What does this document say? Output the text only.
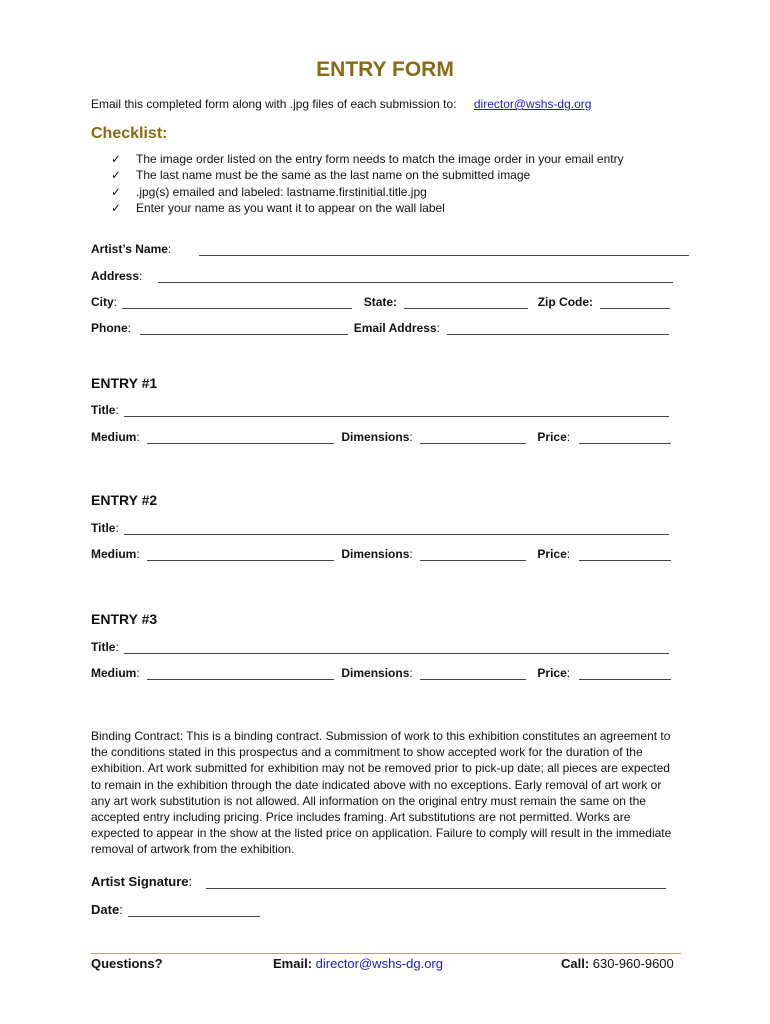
ENTRY FORM
Email this completed form along with .jpg files of each submission to: director@wshs-dg.org
Checklist:
✓ The image order listed on the entry form needs to match the image order in your email entry
✓ The last name must be the same as the last name on the submitted image
✓ .jpg(s) emailed and labeled: lastname.firstinitial.title.jpg
✓ Enter your name as you want it to appear on the wall label
Artist’s Name:
Address:
City:	State:	Zip Code:
Phone:	Email Address:
ENTRY #1
Title:
Medium:	Dimensions:	Price:
ENTRY #2
Title:
Medium:	Dimensions:	Price:
ENTRY #3
Title:
Medium:	Dimensions:	Price:

Binding Contract: This is a binding contract. Submission of work to this exhibition constitutes an agreement to the conditions stated in this prospectus and a commitment to show accepted work for the duration of the exhibition. Art work submitted for exhibition may not be removed prior to pick-up date; all pieces are expected to remain in the exhibition through the date indicated above with no exceptions. Early removal of art work or any art work substitution is not allowed. All information on the original entry must remain the same on the accepted entry including pricing. Price includes framing. Art substitutions are not permitted. Works are expected to appear in the show at the listed price on application. Failure to comply will result in the immediate removal of artwork from the exhibition.

Artist Signature:
Date:
Questions?	Email: director@wshs-dg.org	Call: 630-960-9600
